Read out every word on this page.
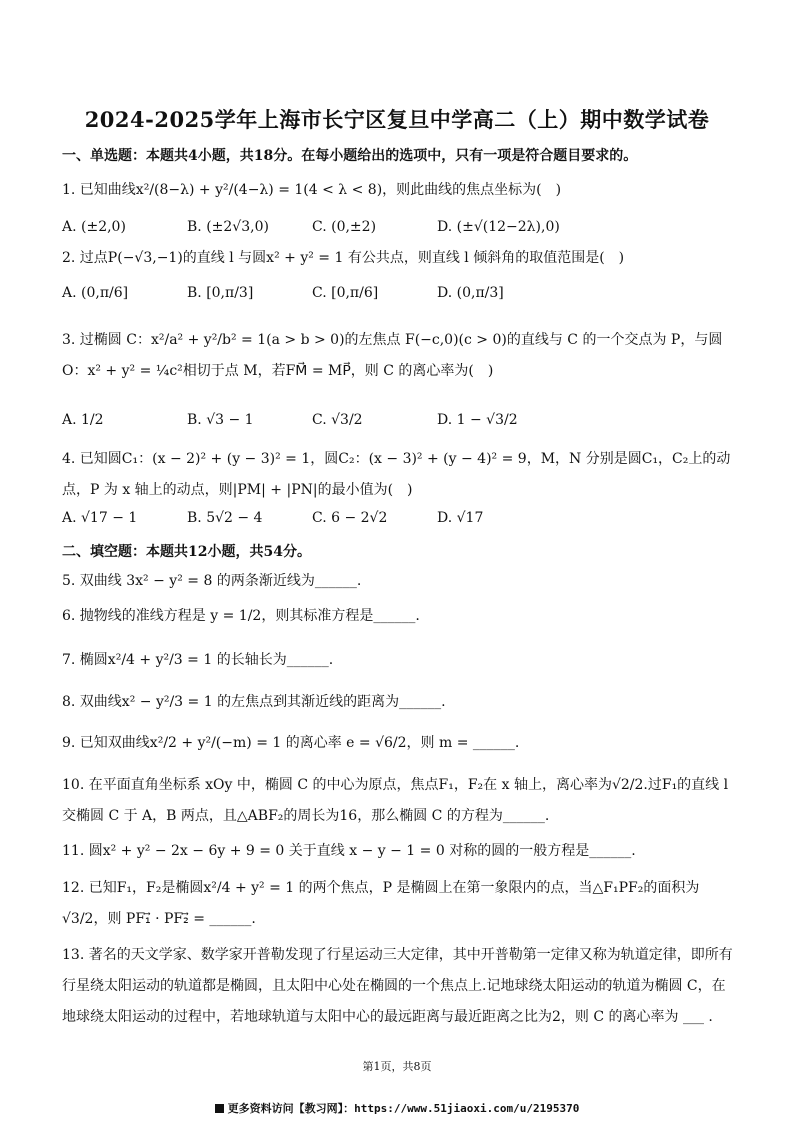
2024-2025学年上海市长宁区复旦中学高二（上）期中数学试卷
一、单选题：本题共4小题，共18分。在每小题给出的选项中，只有一项是符合题目要求的。
1. 已知曲线x²/(8−λ) + y²/(4−λ) = 1(4 < λ < 8)，则此曲线的焦点坐标为(　)
A. (±2,0)	B. (±2√3,0)	C. (0,±2)	D. (±√(12−2λ),0)
2. 过点P(−√3,−1)的直线 l 与圆x² + y² = 1 有公共点，则直线 l 倾斜角的取值范围是(　)
A. (0,π/6]	B. [0,π/3]	C. [0,π/6]	D. (0,π/3]
3. 过椭圆 C：x²/a² + y²/b² = 1(a > b > 0)的左焦点 F(−c,0)(c > 0)的直线与 C 的一个交点为 P，与圆 O：x² + y² = ¼c²相切于点 M，若FM⃗ = MP⃗，则 C 的离心率为(　)
A. 1/2	B. √3 − 1	C. √3/2	D. 1 − √3/2
4. 已知圆C₁：(x − 2)² + (y − 3)² = 1，圆C₂：(x − 3)² + (y − 4)² = 9，M，N 分别是圆C₁，C₂上的动点，P 为 x 轴上的动点，则|PM| + |PN|的最小值为(　)
A. √17 − 1	B. 5√2 − 4	C. 6 − 2√2	D. √17
二、填空题：本题共12小题，共54分。
5. 双曲线 3x² − y² = 8 的两条渐近线为______.
6. 抛物线的准线方程是 y = 1/2，则其标准方程是______.
7. 椭圆x²/4 + y²/3 = 1 的长轴长为______.
8. 双曲线x² − y²/3 = 1 的左焦点到其渐近线的距离为______.
9. 已知双曲线x²/2 + y²/(−m) = 1 的离心率 e = √6/2，则 m = ______.
10. 在平面直角坐标系 xOy 中，椭圆 C 的中心为原点，焦点F₁，F₂在 x 轴上，离心率为√2/2.过F₁的直线 l 交椭圆 C 于 A，B 两点，且△ABF₂的周长为16，那么椭圆 C 的方程为______.
11. 圆x² + y² − 2x − 6y + 9 = 0 关于直线 x − y − 1 = 0 对称的圆的一般方程是______.
12. 已知F₁，F₂是椭圆x²/4 + y² = 1 的两个焦点，P 是椭圆上在第一象限内的点，当△F₁PF₂的面积为√3/2，则 PF₁⃗ · PF₂⃗ = ______.
13. 著名的天文学家、数学家开普勒发现了行星运动三大定律，其中开普勒第一定律又称为轨道定律，即所有行星绕太阳运动的轨道都是椭圆，且太阳中心处在椭圆的一个焦点上.记地球绕太阳运动的轨道为椭圆 C，在地球绕太阳运动的过程中，若地球轨道与太阳中心的最远距离与最近距离之比为2，则 C 的离心率为 ___ .
第1页，共8页
更多资料访问【教习网】：https://www.51jiaoxi.com/u/2195370
